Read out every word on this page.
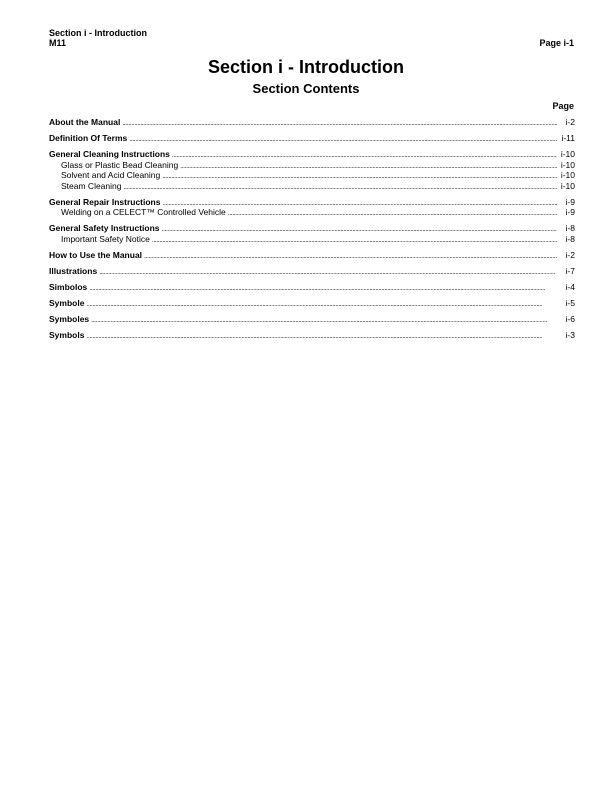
Section i - Introduction
M11	Page i-1
Section i - Introduction
Section Contents
Page
About the Manual . . .	i-2
Definition Of Terms . . .	i-11
General Cleaning Instructions . . .	i-10
Glass or Plastic Bead Cleaning . . .	i-10
Solvent and Acid Cleaning . . .	i-10
Steam Cleaning . . .	i-10
General Repair Instructions . . .	i-9
Welding on a CELECT™ Controlled Vehicle . . .	i-9
General Safety Instructions . . .	i-8
Important Safety Notice . . .	i-8
How to Use the Manual . . .	i-2
Illustrations . . .	i-7
Simbolos . . .	i-4
Symbole . . .	i-5
Symboles . . .	i-6
Symbols . . .	i-3
